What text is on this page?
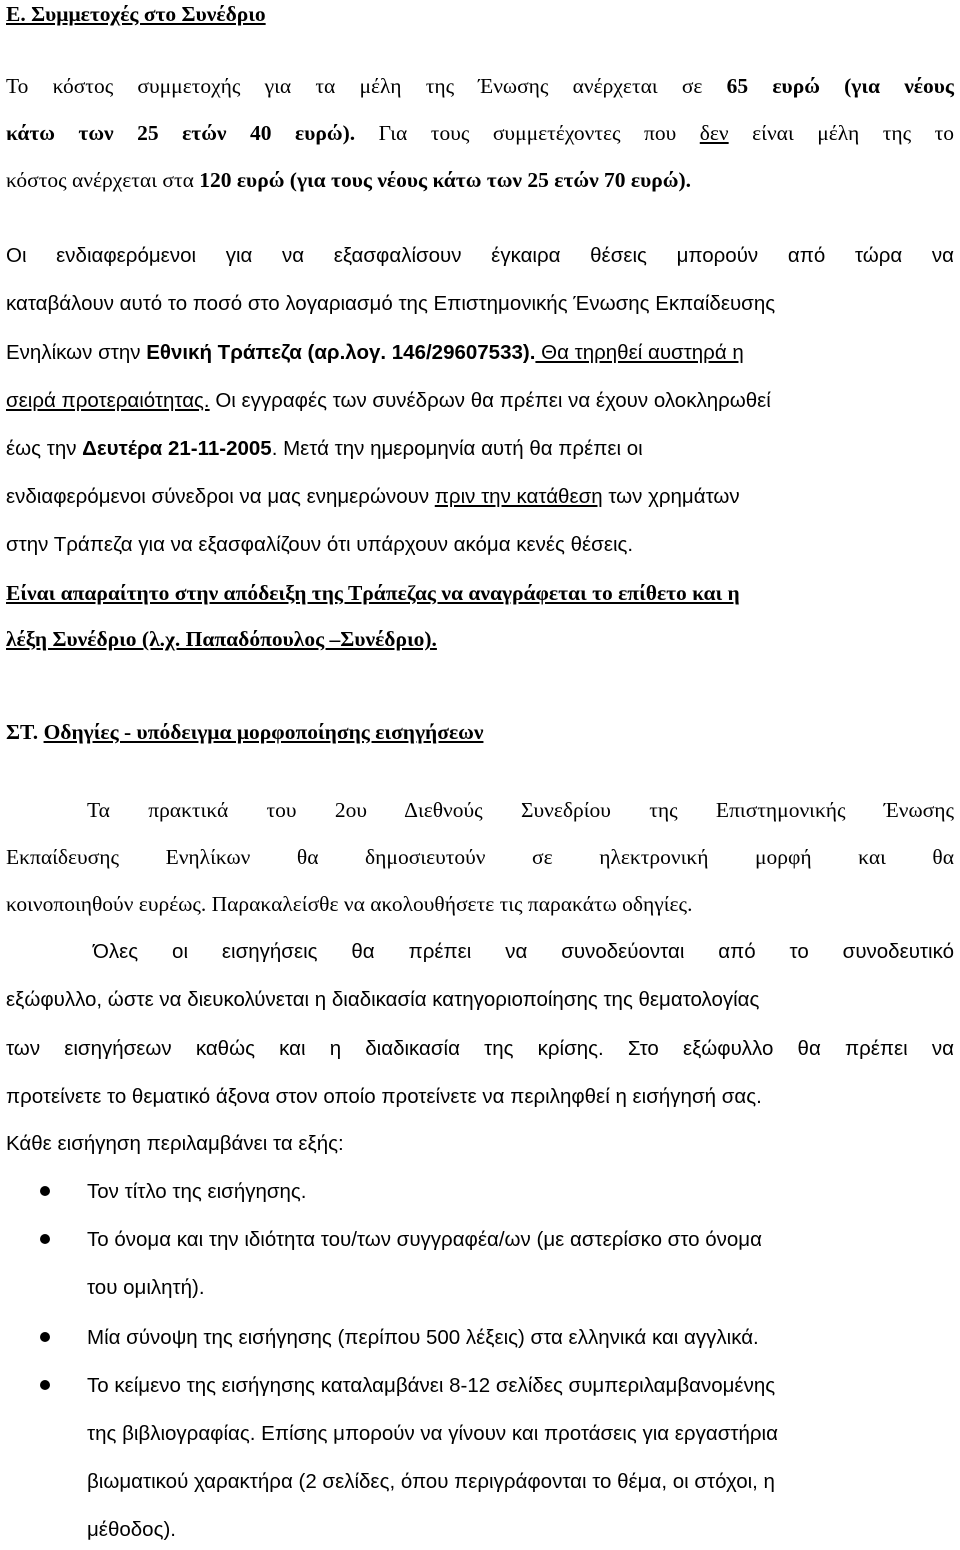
Ε. Συμμετοχές στο Συνέδριο
Το κόστος συμμετοχής για τα μέλη της Ένωσης ανέρχεται σε 65 ευρώ (για νέους
κάτω των 25 ετών 40 ευρώ). Για τους συμμετέχοντες που δεν είναι μέλη της το
κόστος ανέρχεται στα 120 ευρώ (για τους νέους κάτω των 25 ετών 70 ευρώ).
Οι ενδιαφερόμενοι για να εξασφαλίσουν έγκαιρα θέσεις μπορούν από τώρα να
καταβάλουν αυτό το ποσό στο λογαριασμό της Επιστημονικής Ένωσης Εκπαίδευσης
Ενηλίκων στην Εθνική Τράπεζα (αρ.λογ. 146/29607533). Θα τηρηθεί αυστηρά η
σειρά προτεραιότητας. Οι εγγραφές των συνέδρων θα πρέπει να έχουν ολοκληρωθεί
έως την Δευτέρα 21-11-2005. Μετά την ημερομηνία αυτή θα πρέπει οι
ενδιαφερόμενοι σύνεδροι να μας ενημερώνουν πριν την κατάθεση των χρημάτων
στην Τράπεζα για να εξασφαλίζουν ότι υπάρχουν ακόμα κενές θέσεις.
Είναι απαραίτητο στην απόδειξη της Τράπεζας να αναγράφεται το επίθετο και η
λέξη Συνέδριο (λ.χ. Παπαδόπουλος –Συνέδριο).
ΣΤ. Οδηγίες - υπόδειγμα μορφοποίησης εισηγήσεων
Τα πρακτικά του 2ου Διεθνούς Συνεδρίου της Επιστημονικής Ένωσης
Εκπαίδευσης Ενηλίκων θα δημοσιευτούν σε ηλεκτρονική μορφή και θα
κοινοποιηθούν ευρέως. Παρακαλείσθε να ακολουθήσετε τις παρακάτω οδηγίες.
Όλες οι εισηγήσεις θα πρέπει να συνοδεύονται από το συνοδευτικό
εξώφυλλο, ώστε να διευκολύνεται η διαδικασία κατηγοριοποίησης της θεματολογίας
των εισηγήσεων καθώς και η διαδικασία της κρίσης. Στο εξώφυλλο θα πρέπει να
προτείνετε το θεματικό άξονα στον οποίο προτείνετε να περιληφθεί η εισήγησή σας.
Κάθε εισήγηση περιλαμβάνει τα εξής:
Τον τίτλο της εισήγησης.
Το όνομα και την ιδιότητα του/των συγγραφέα/ων (με αστερίσκο στο όνομα
του ομιλητή).
Μία σύνοψη της εισήγησης (περίπου 500 λέξεις) στα ελληνικά και αγγλικά.
Το κείμενο της εισήγησης καταλαμβάνει 8-12 σελίδες συμπεριλαμβανομένης
της βιβλιογραφίας. Επίσης μπορούν να γίνουν και προτάσεις για εργαστήρια
βιωματικού χαρακτήρα (2 σελίδες, όπου περιγράφονται το θέμα, οι στόχοι, η
μέθοδος).
